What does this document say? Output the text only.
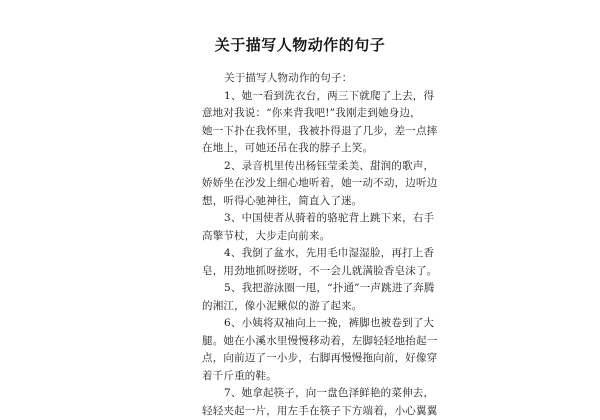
关于描写人物动作的句子

关于描写人物动作的句子：

1、她一看到洗衣台，两三下就爬了上去，得
意地对我说：“你来背我吧!”我刚走到她身边，
她一下扑在我怀里，我被扑得退了几步，差一点摔
在地上，可她还吊在我的脖子上笑。

2、录音机里传出杨钰莹柔美、甜润的歌声，
娇娇坐在沙发上细心地听着，她一动不动，边听边
想，听得心驰神往，简直入了迷。

3、中国使者从骑着的骆驼背上跳下来，右手
高擎节杖，大步走向前来。

4、我倒了盆水，先用毛巾湿湿脸，再打上香
皂，用劲地抓呀搓呀，不一会儿就满脸香皂沫了。

5、我把游泳圈一甩，“扑通”一声跳进了奔腾
的湘江，像小泥鳅似的游了起来。

6、小姨将双袖向上一挽，裤脚也被卷到了大
腿。她在小溪水里慢慢移动着，左脚轻轻地抬起一
点，向前迈了一小步，右脚再慢慢拖向前，好像穿
着千斤重的鞋。

7、她拿起筷子，向一盘色泽鲜艳的菜伸去，
轻轻夹起一片，用左手在筷子下方端着，小心翼翼
